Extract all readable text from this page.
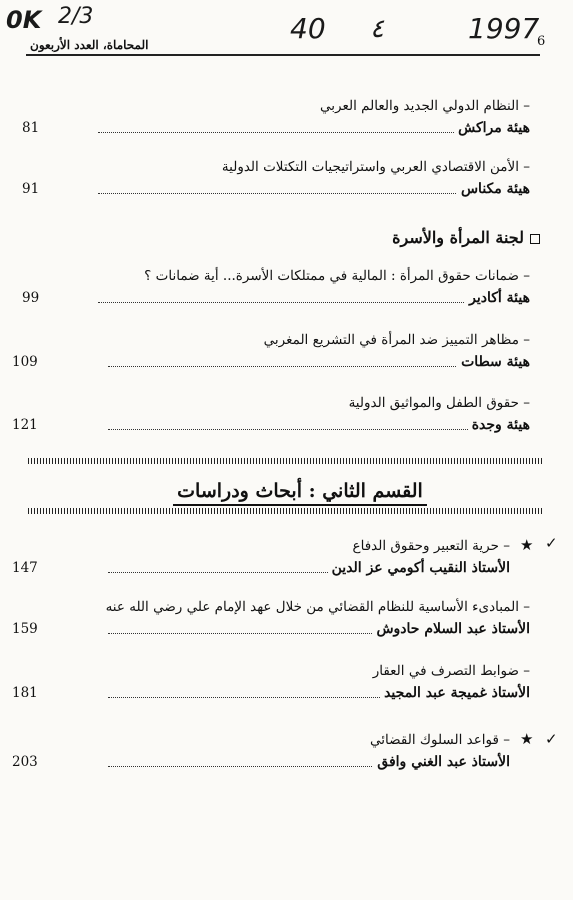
0K 2/3	40 ٤	1997
المحاماة، العدد الأربعون	6
– النظام الدولي الجديد والعالم العربي
هيئة مراكش
81
– الأمن الاقتصادي العربي واستراتيجيات التكتلات الدولية
هيئة مكناس
91
لجنة المرأة والأسرة
– ضمانات حقوق المرأة : المالية في ممتلكات الأسرة... أية ضمانات ؟
هيئة أكادير
99
– مظاهر التمييز ضد المرأة في التشريع المغربي
هيئة سطات
109
– حقوق الطفل والمواثيق الدولية
هيئة وجدة
121
القسم الثاني : أبحاث ودراسات
★ ✓
– حرية التعبير وحقوق الدفاع
الأستاذ النقيب أكومي عز الدين
147
– المبادىء الأساسية للنظام القضائي من خلال عهد الإمام علي رضي الله عنه
الأستاذ عبد السلام حادوش
159
– ضوابط التصرف في العقار
الأستاذ غميجة عبد المجيد
181
★ ✓
– قواعد السلوك القضائي
الأستاذ عبد الغني وافق
203
